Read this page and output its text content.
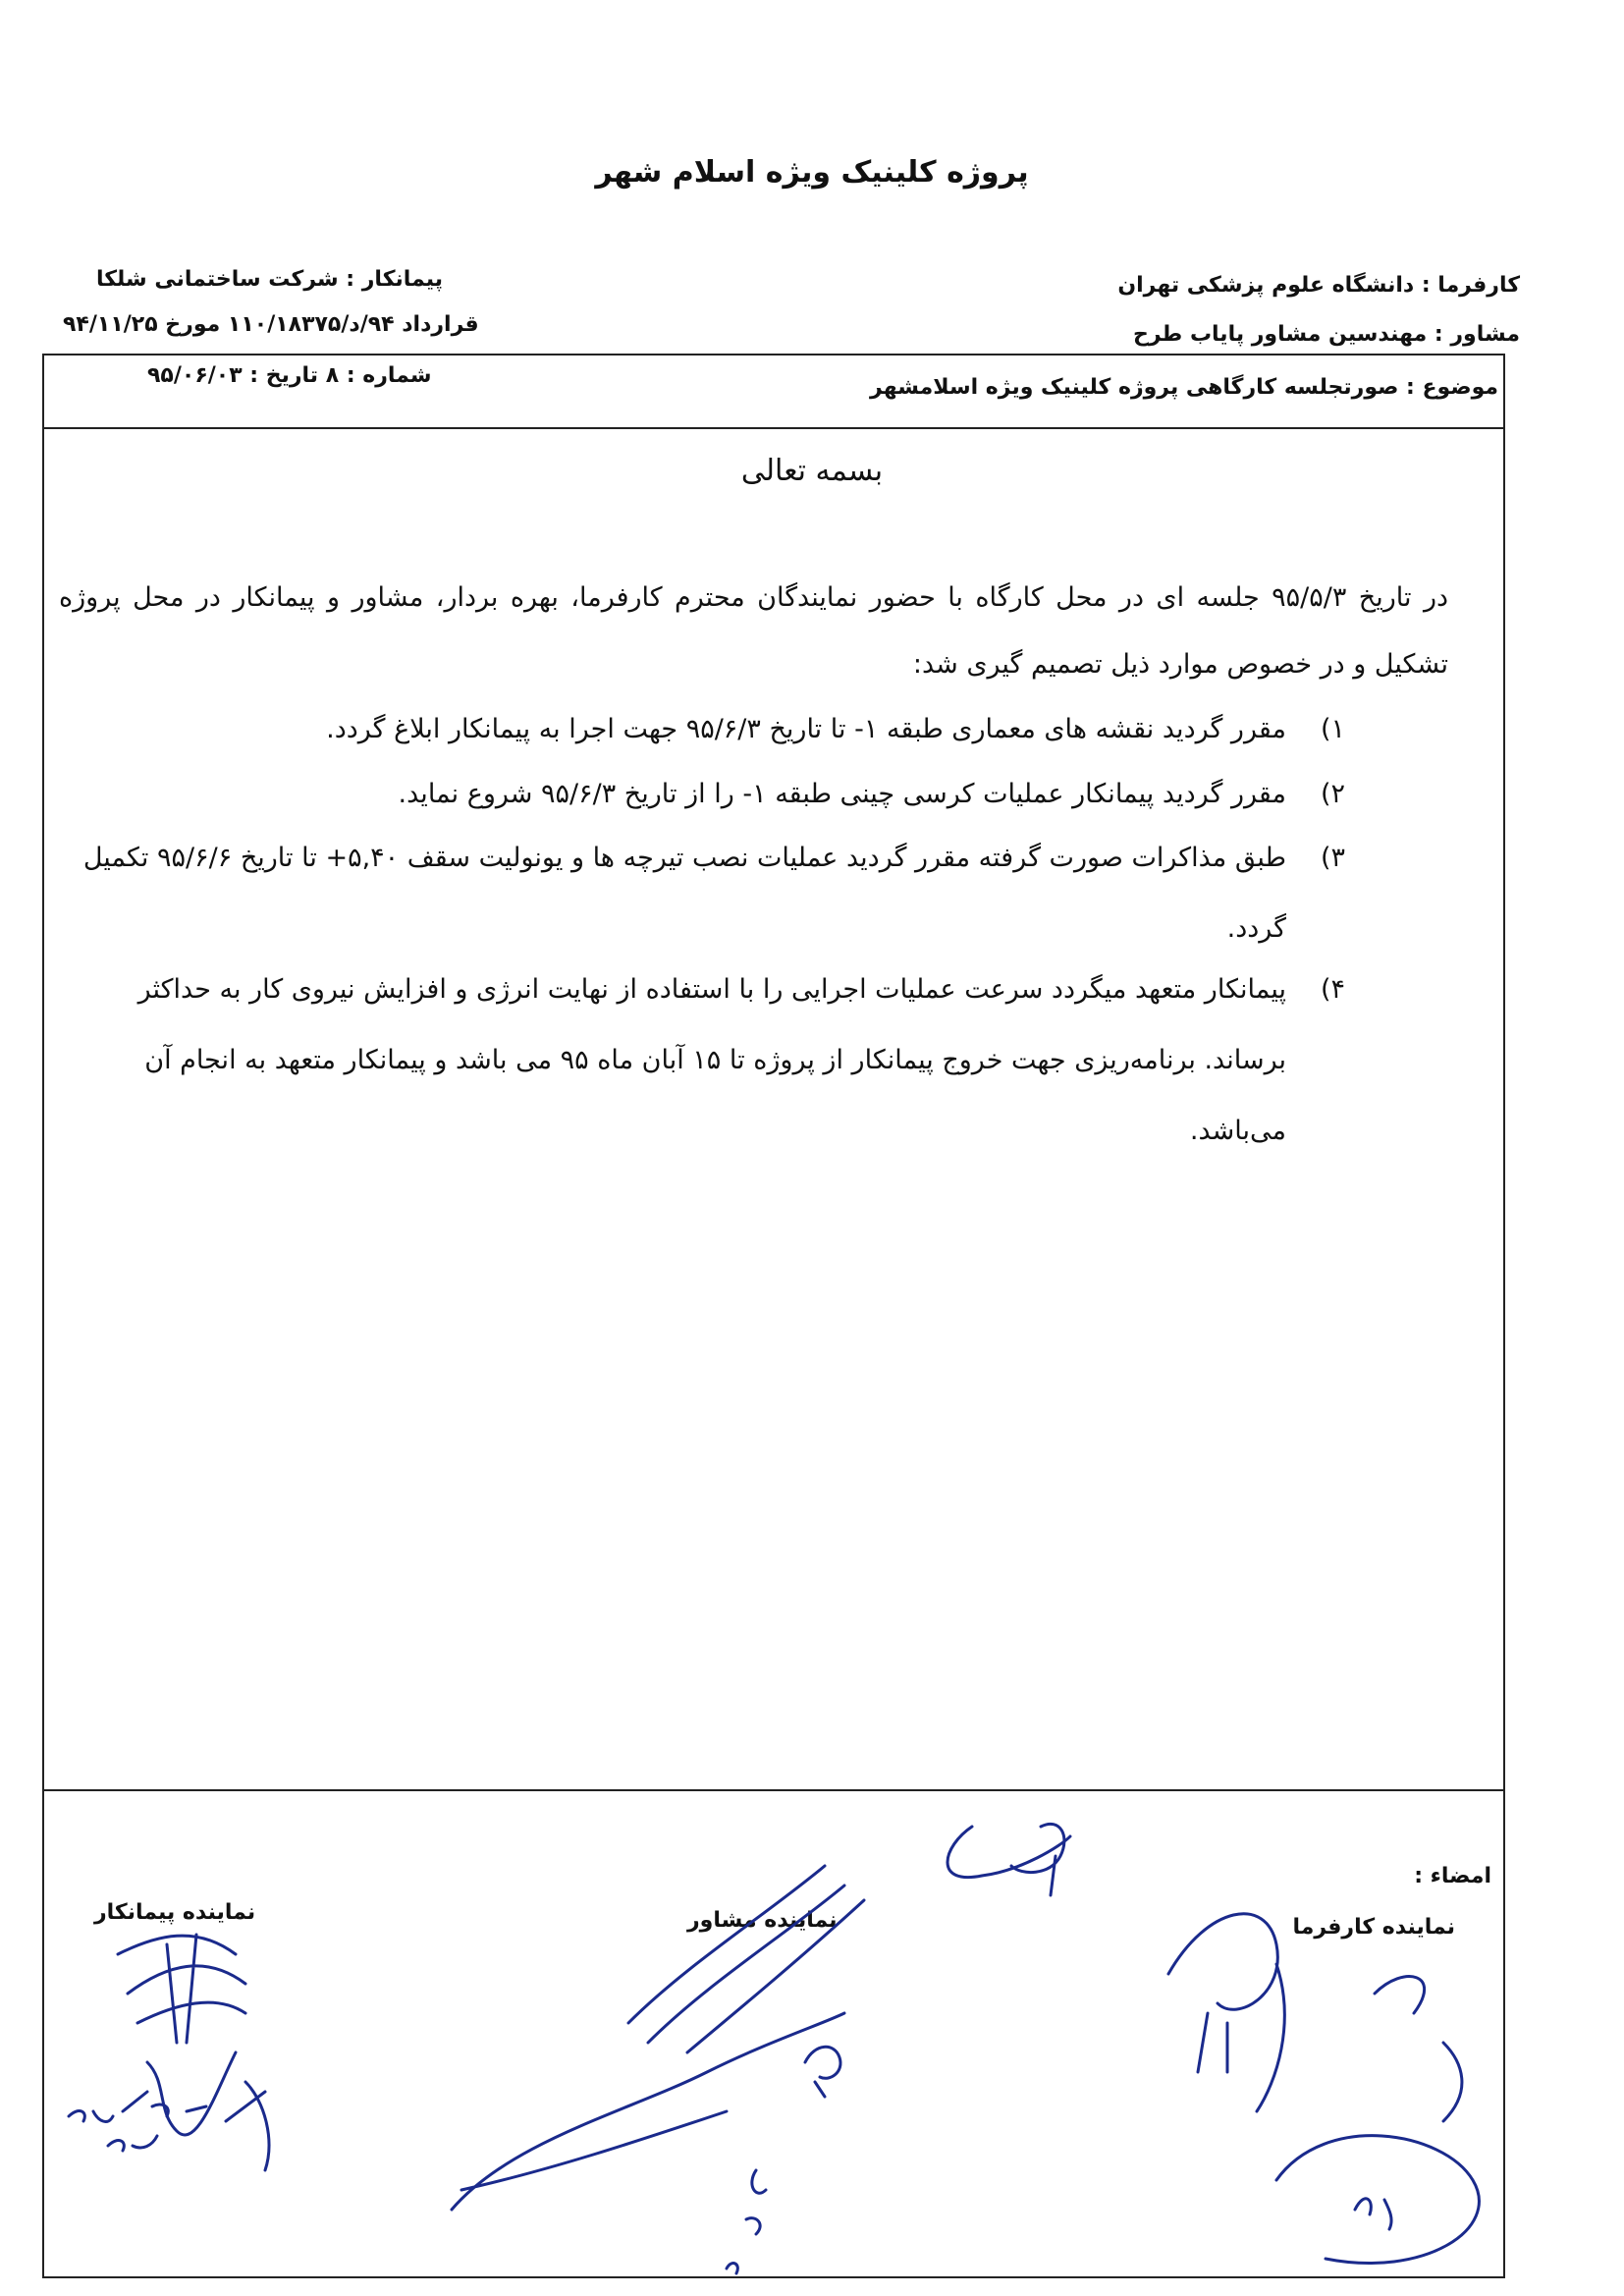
پروژه کلینیک ویژه اسلام شهر
کارفرما : دانشگاه علوم پزشکی تهران
مشاور : مهندسین مشاور پایاب طرح
پیمانکار : شرکت ساختمانی شلکا
قرارداد ۹۴/د/۱۱۰/۱۸۳۷۵ مورخ ۹۴/۱۱/۲۵
موضوع : صورتجلسه کارگاهی پروژه کلینیک ویژه اسلامشهر
شماره : ۸ تاریخ : ۹۵/۰۶/۰۳
بسمه تعالی
در تاریخ ۹۵/۵/۳ جلسه ای در محل کارگاه با حضور نمایندگان محترم کارفرما، بهره بردار، مشاور و پیمانکار در محل پروژه تشکیل و در خصوص موارد ذیل تصمیم گیری شد:
۱)
مقرر گردید نقشه های معماری طبقه ۱- تا تاریخ ۹۵/۶/۳ جهت اجرا به پیمانکار ابلاغ گردد.
۲)
مقرر گردید پیمانکار عملیات کرسی چینی طبقه ۱- را از تاریخ ۹۵/۶/۳ شروع نماید.
۳)
طبق مذاکرات صورت گرفته مقرر گردید عملیات نصب تیرچه ها و یونولیت سقف ۵,۴۰+ تا تاریخ ۹۵/۶/۶ تکمیل گردد.
۴)
پیمانکار متعهد میگردد سرعت عملیات اجرایی را با استفاده از نهایت انرژی و افزایش نیروی کار به حداکثر برساند. برنامه‌ریزی جهت خروج پیمانکار از پروژه تا ۱۵ آبان ماه ۹۵ می باشد و پیمانکار متعهد به انجام آن می‌باشد.
امضاء :
نماینده کارفرما
نماینده مشاور
نماینده پیمانکار
